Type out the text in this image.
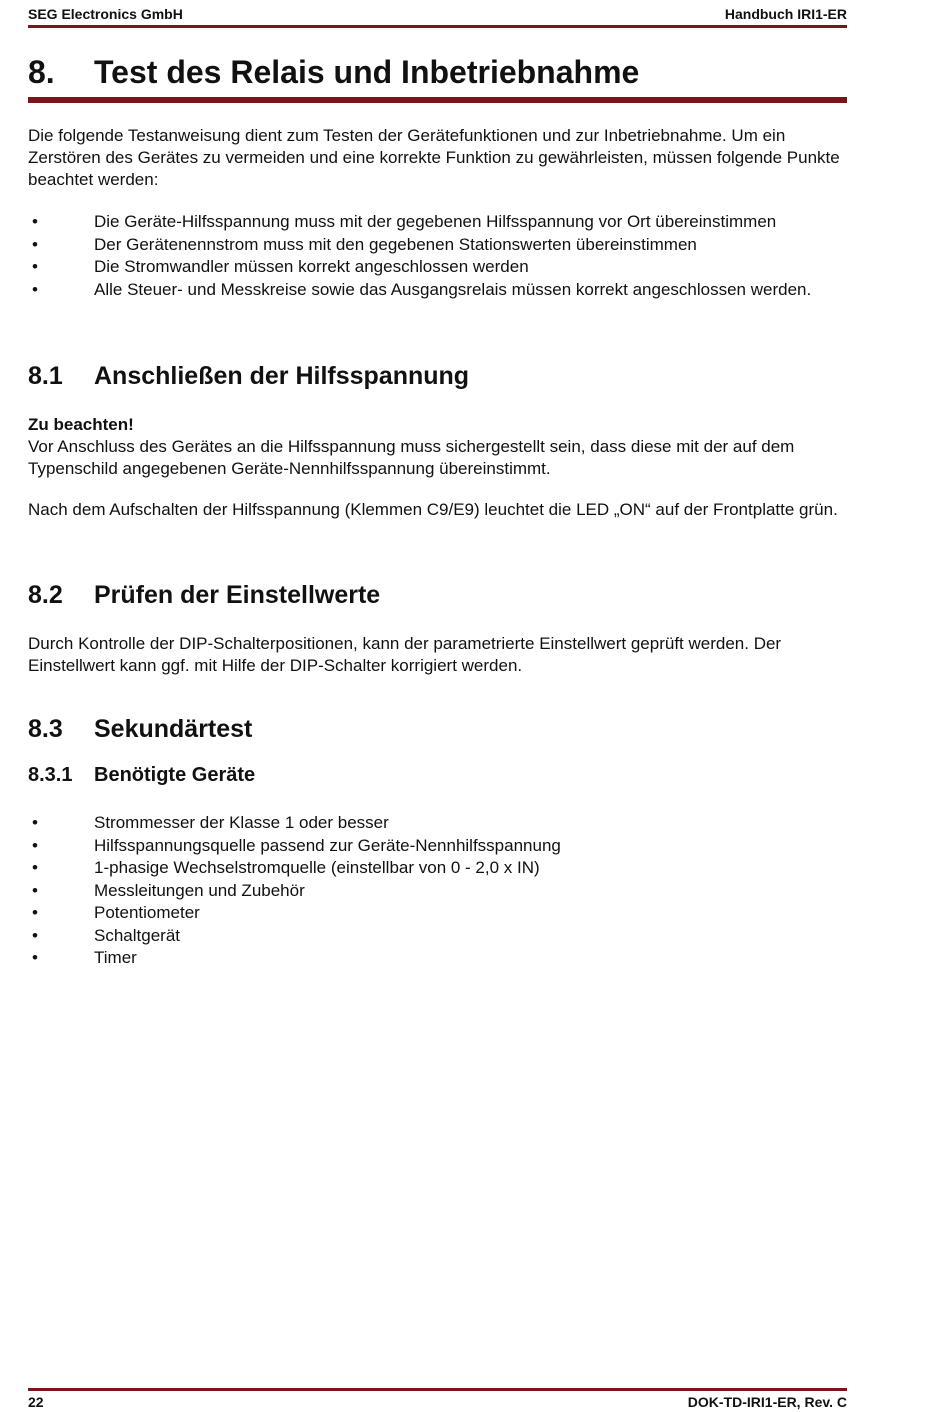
SEG Electronics GmbH	Handbuch IRI1-ER
8. Test des Relais und Inbetriebnahme

Die folgende Testanweisung dient zum Testen der Gerätefunktionen und zur Inbetriebnahme. Um ein Zerstören des Gerätes zu vermeiden und eine korrekte Funktion zu gewährleisten, müssen folgende Punkte beachtet werden:

•	Die Geräte-Hilfsspannung muss mit der gegebenen Hilfsspannung vor Ort übereinstimmen
•	Der Gerätenennstrom muss mit den gegebenen Stationswerten übereinstimmen
•	Die Stromwandler müssen korrekt angeschlossen werden
•	Alle Steuer- und Messkreise sowie das Ausgangsrelais müssen korrekt angeschlossen werden.
8.1 Anschließen der Hilfsspannung

Zu beachten!

Vor Anschluss des Gerätes an die Hilfsspannung muss sichergestellt sein, dass diese mit der auf dem Typenschild angegebenen Geräte-Nennhilfsspannung übereinstimmt.

Nach dem Aufschalten der Hilfsspannung (Klemmen C9/E9) leuchtet die LED „ON“ auf der Frontplatte grün.

8.2 Prüfen der Einstellwerte

Durch Kontrolle der DIP-Schalterpositionen, kann der parametrierte Einstellwert geprüft werden. Der Einstellwert kann ggf. mit Hilfe der DIP-Schalter korrigiert werden.

8.3 Sekundärtest
8.3.1 Benötigte Geräte
•	Strommesser der Klasse 1 oder besser
•	Hilfsspannungsquelle passend zur Geräte-Nennhilfsspannung
•	1-phasige Wechselstromquelle (einstellbar von 0 - 2,0 x IN)
•	Messleitungen und Zubehör
•	Potentiometer
•	Schaltgerät
•	Timer
22	DOK-TD-IRI1-ER, Rev. C
